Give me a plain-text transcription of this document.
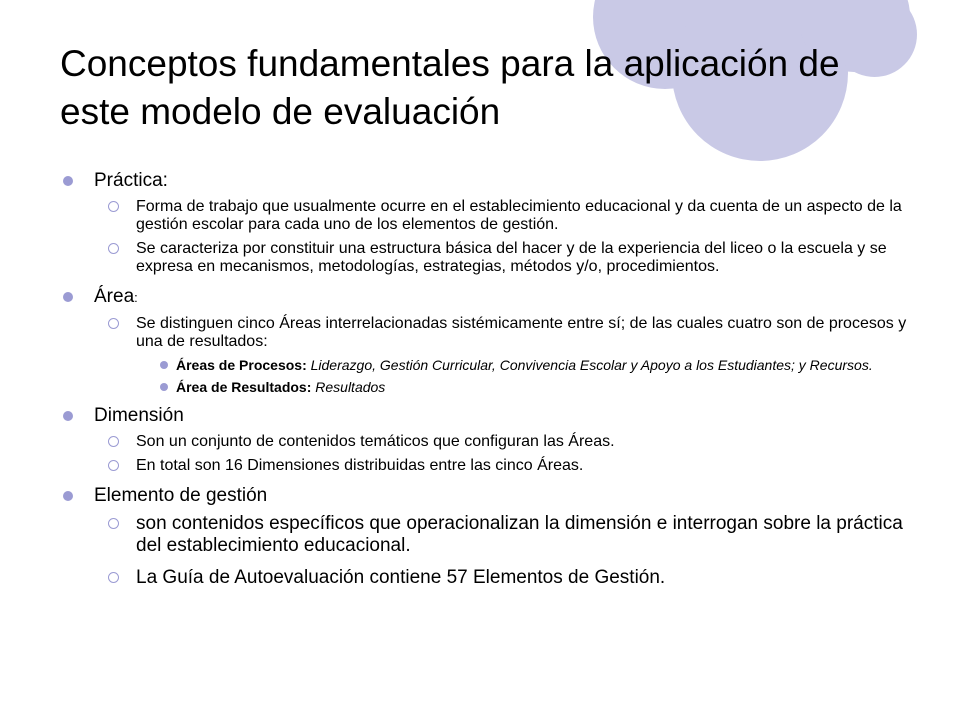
Conceptos fundamentales para la aplicación de este modelo de evaluación
Práctica:
Forma de trabajo que usualmente ocurre en el establecimiento educacional y da cuenta de un aspecto de la gestión escolar para cada uno de los elementos de gestión.
Se caracteriza por constituir una estructura básica del hacer y de la experiencia del liceo o la escuela y se expresa en mecanismos, metodologías, estrategias, métodos y/o, procedimientos.
Área:
Se distinguen cinco Áreas interrelacionadas sistémicamente entre sí; de las cuales cuatro son de procesos y una de resultados:
Áreas de Procesos: Liderazgo, Gestión Curricular, Convivencia Escolar y Apoyo a los Estudiantes; y Recursos.
Área de Resultados: Resultados
Dimensión
Son un conjunto de contenidos temáticos que configuran las Áreas.
En total son 16 Dimensiones distribuidas entre las cinco Áreas.
Elemento de gestión
son contenidos específicos que operacionalizan la dimensión e interrogan sobre la práctica del establecimiento educacional.
La Guía de Autoevaluación contiene 57 Elementos de Gestión.
